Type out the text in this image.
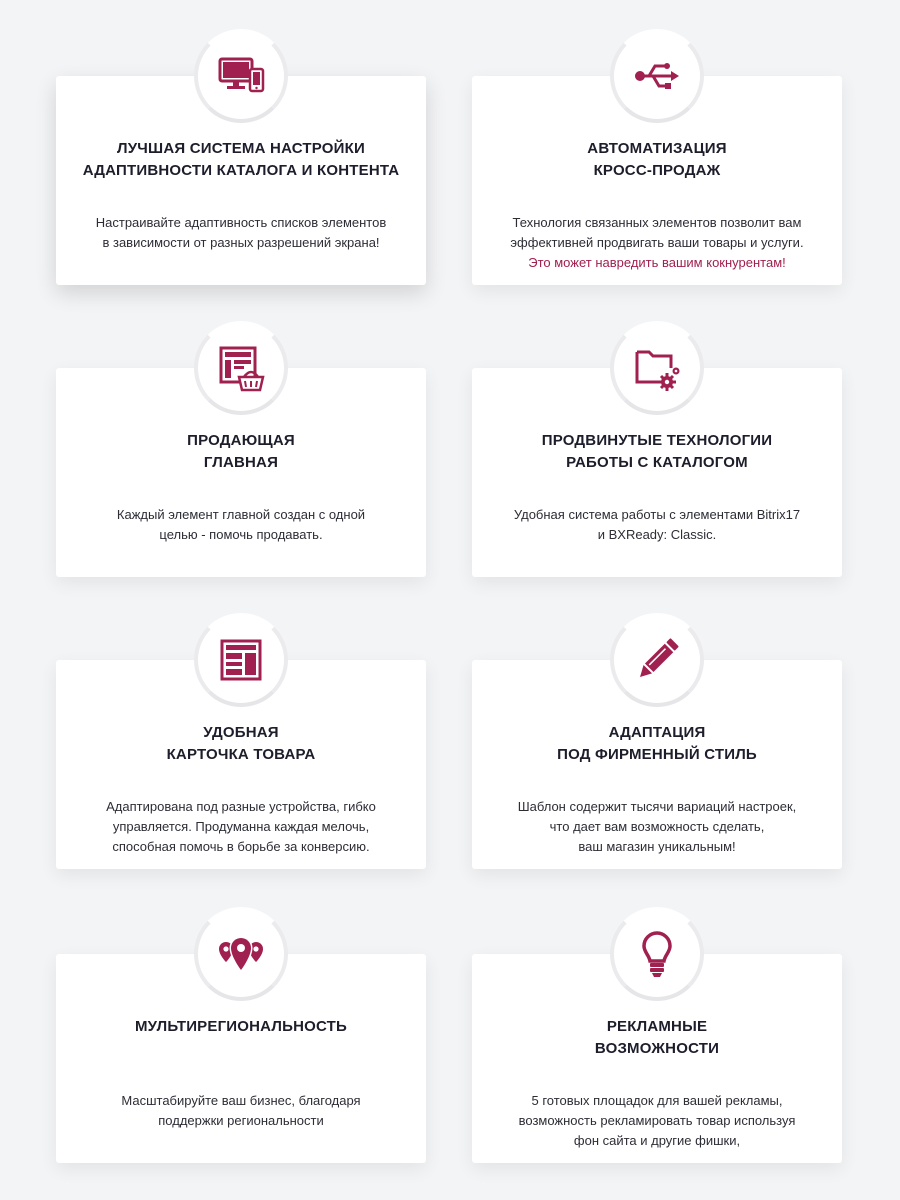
ЛУЧШАЯ СИСТЕМА НАСТРОЙКИ
АДАПТИВНОСТИ КАТАЛОГА И КОНТЕНТА

Настраивайте адаптивность списков элементов
в зависимости от разных разрешений экрана!

АВТОМАТИЗАЦИЯ
КРОСС-ПРОДАЖ

Технология связанных элементов позволит вам
эффективней продвигать ваши товары и услуги.

Это может навредить вашим кокнурентам!

ПРОДАЮЩАЯ
ГЛАВНАЯ

Каждый элемент главной создан с одной
целью - помочь продавать.

ПРОДВИНУТЫЕ ТЕХНОЛОГИИ
РАБОТЫ С КАТАЛОГОМ

Удобная система работы с элементами Bitrix17
и BXReady: Classic.

УДОБНАЯ
КАРТОЧКА ТОВАРА

Адаптирована под разные устройства, гибко
управляется. Продуманна каждая мелочь,
способная помочь в борьбе за конверсию.

АДАПТАЦИЯ
ПОД ФИРМЕННЫЙ СТИЛЬ

Шаблон содержит тысячи вариаций настроек,
что дает вам возможность сделать,
ваш магазин уникальным!

МУЛЬТИРЕГИОНАЛЬНОСТЬ

Масштабируйте ваш бизнес, благодаря
поддержки региональности

РЕКЛАМНЫЕ
ВОЗМОЖНОСТИ

5 готовых площадок для вашей рекламы,
возможность рекламировать товар используя
фон сайта и другие фишки,
